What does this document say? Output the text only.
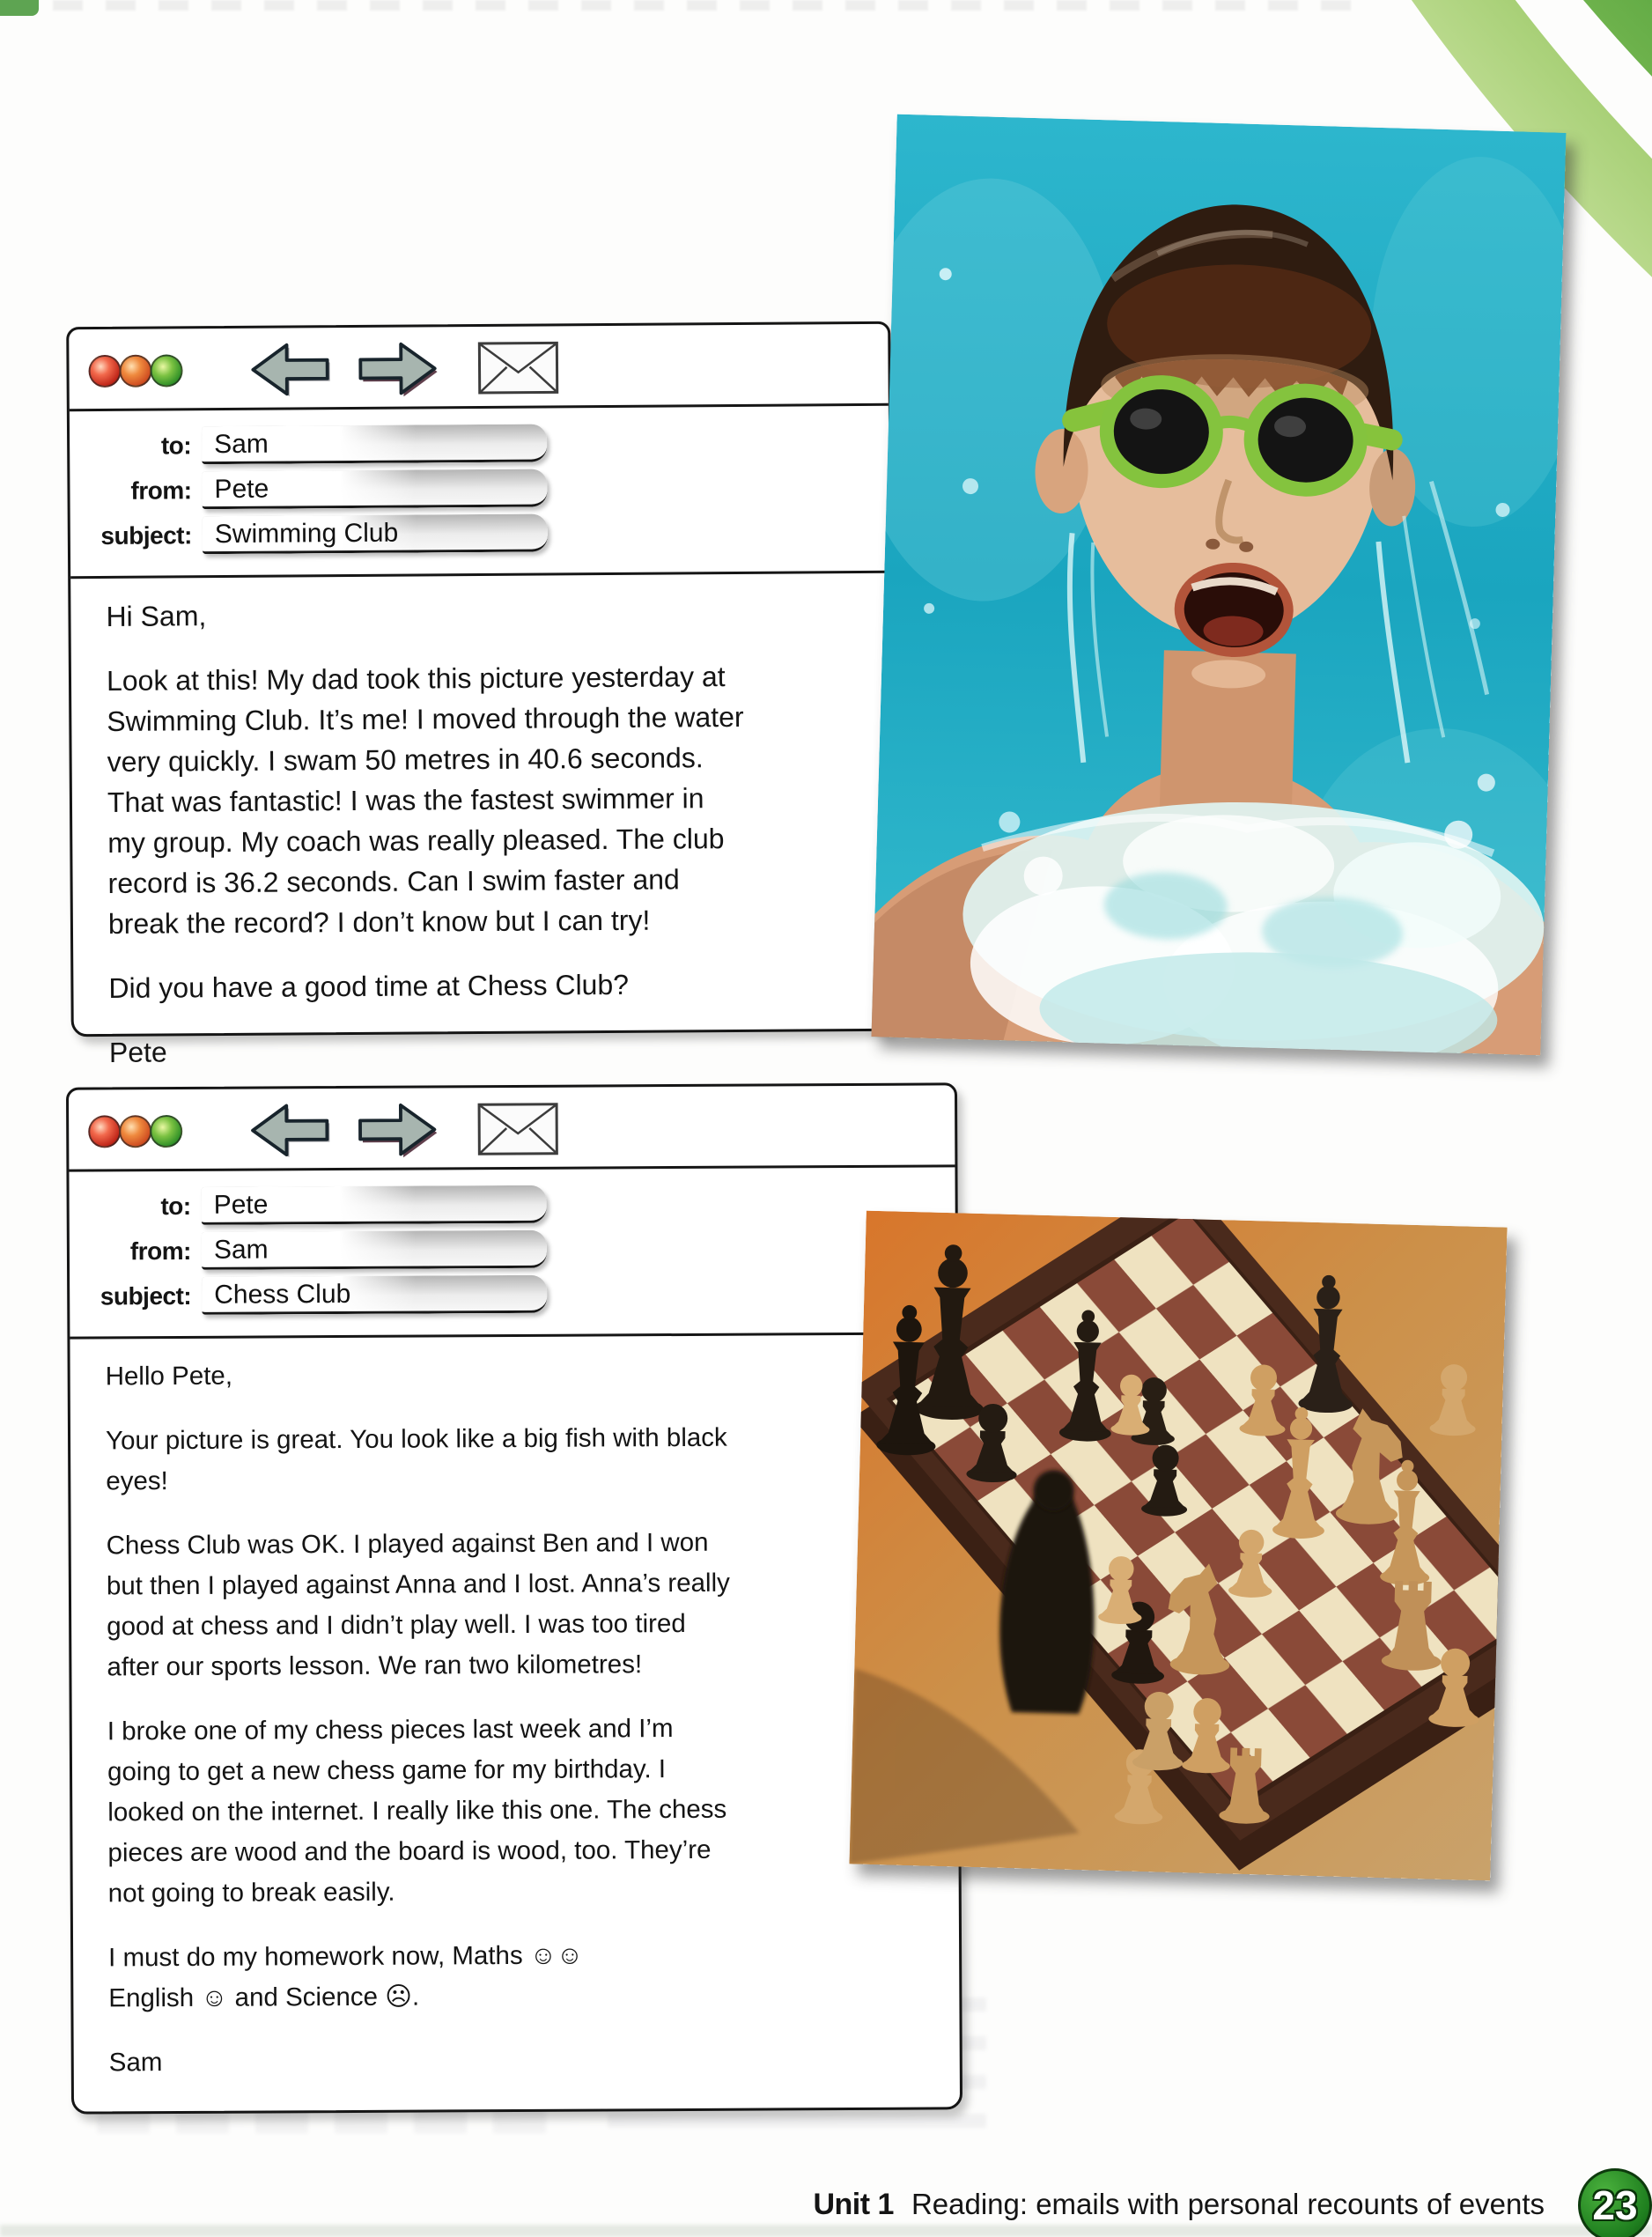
to: Sam
from: Pete
subject: Swimming Club

Hi Sam,

Look at this! My dad took this picture yesterday at
Swimming Club. It’s me! I moved through the water
very quickly. I swam 50 metres in 40.6 seconds.
That was fantastic! I was the fastest swimmer in
my group. My coach was really pleased. The club
record is 36.2 seconds. Can I swim faster and
break the record? I don’t know but I can try!

Did you have a good time at Chess Club?

Pete

to: Pete
from: Sam
subject: Chess Club

Hello Pete,

Your picture is great. You look like a big fish with black
eyes!

Chess Club was OK. I played against Ben and I won
but then I played against Anna and I lost. Anna’s really
good at chess and I didn’t play well. I was too tired
after our sports lesson. We ran two kilometres!

I broke one of my chess pieces last week and I’m
going to get a new chess game for my birthday. I
looked on the internet. I really like this one. The chess
pieces are wood and the board is wood, too. They’re
not going to break easily.

I must do my homework now, Maths ☺☺
English ☺ and Science ☹.

Sam

Unit 1 Reading: emails with personal recounts of events 23
